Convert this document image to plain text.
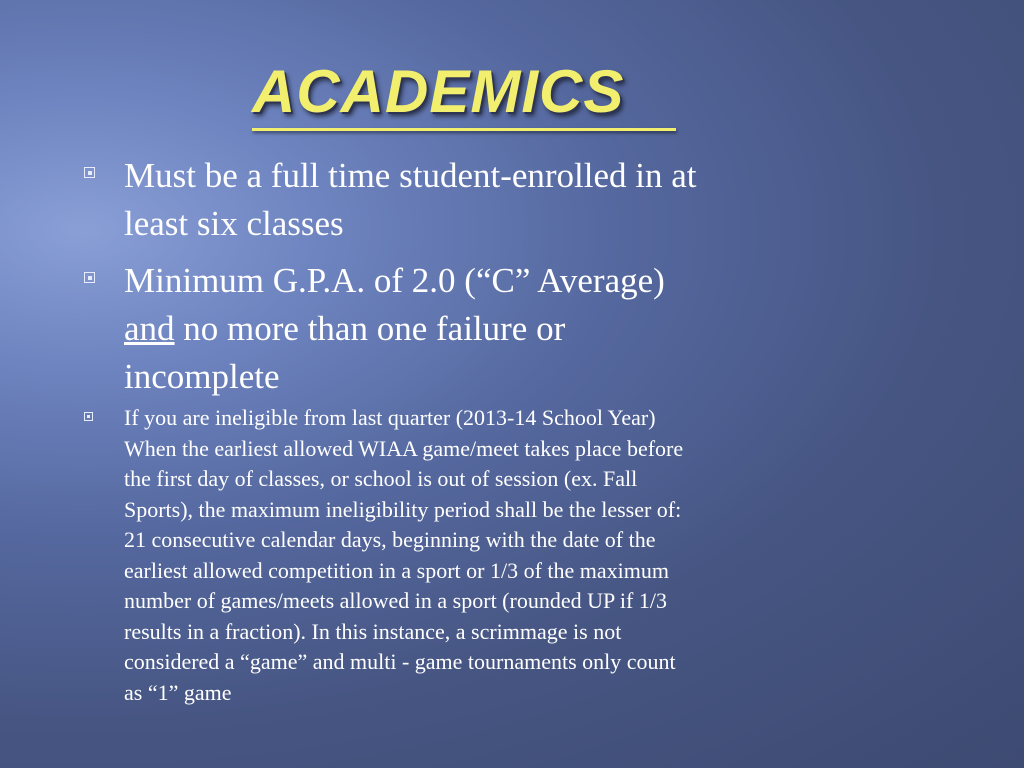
ACADEMICS

Must be a full time student-enrolled in at
least six classes

Minimum G.P.A. of 2.0 (“C” Average)
and no more than one failure or
incomplete

If you are ineligible from last quarter (2013-14 School Year)
When the earliest allowed WIAA game/meet takes place before
the first day of classes, or school is out of session (ex. Fall
Sports), the maximum ineligibility period shall be the lesser of:
21 consecutive calendar days, beginning with the date of the
earliest allowed competition in a sport or 1/3 of the maximum
number of games/meets allowed in a sport (rounded UP if 1/3
results in a fraction). In this instance, a scrimmage is not
considered a “game” and multi - game tournaments only count
as “1” game
